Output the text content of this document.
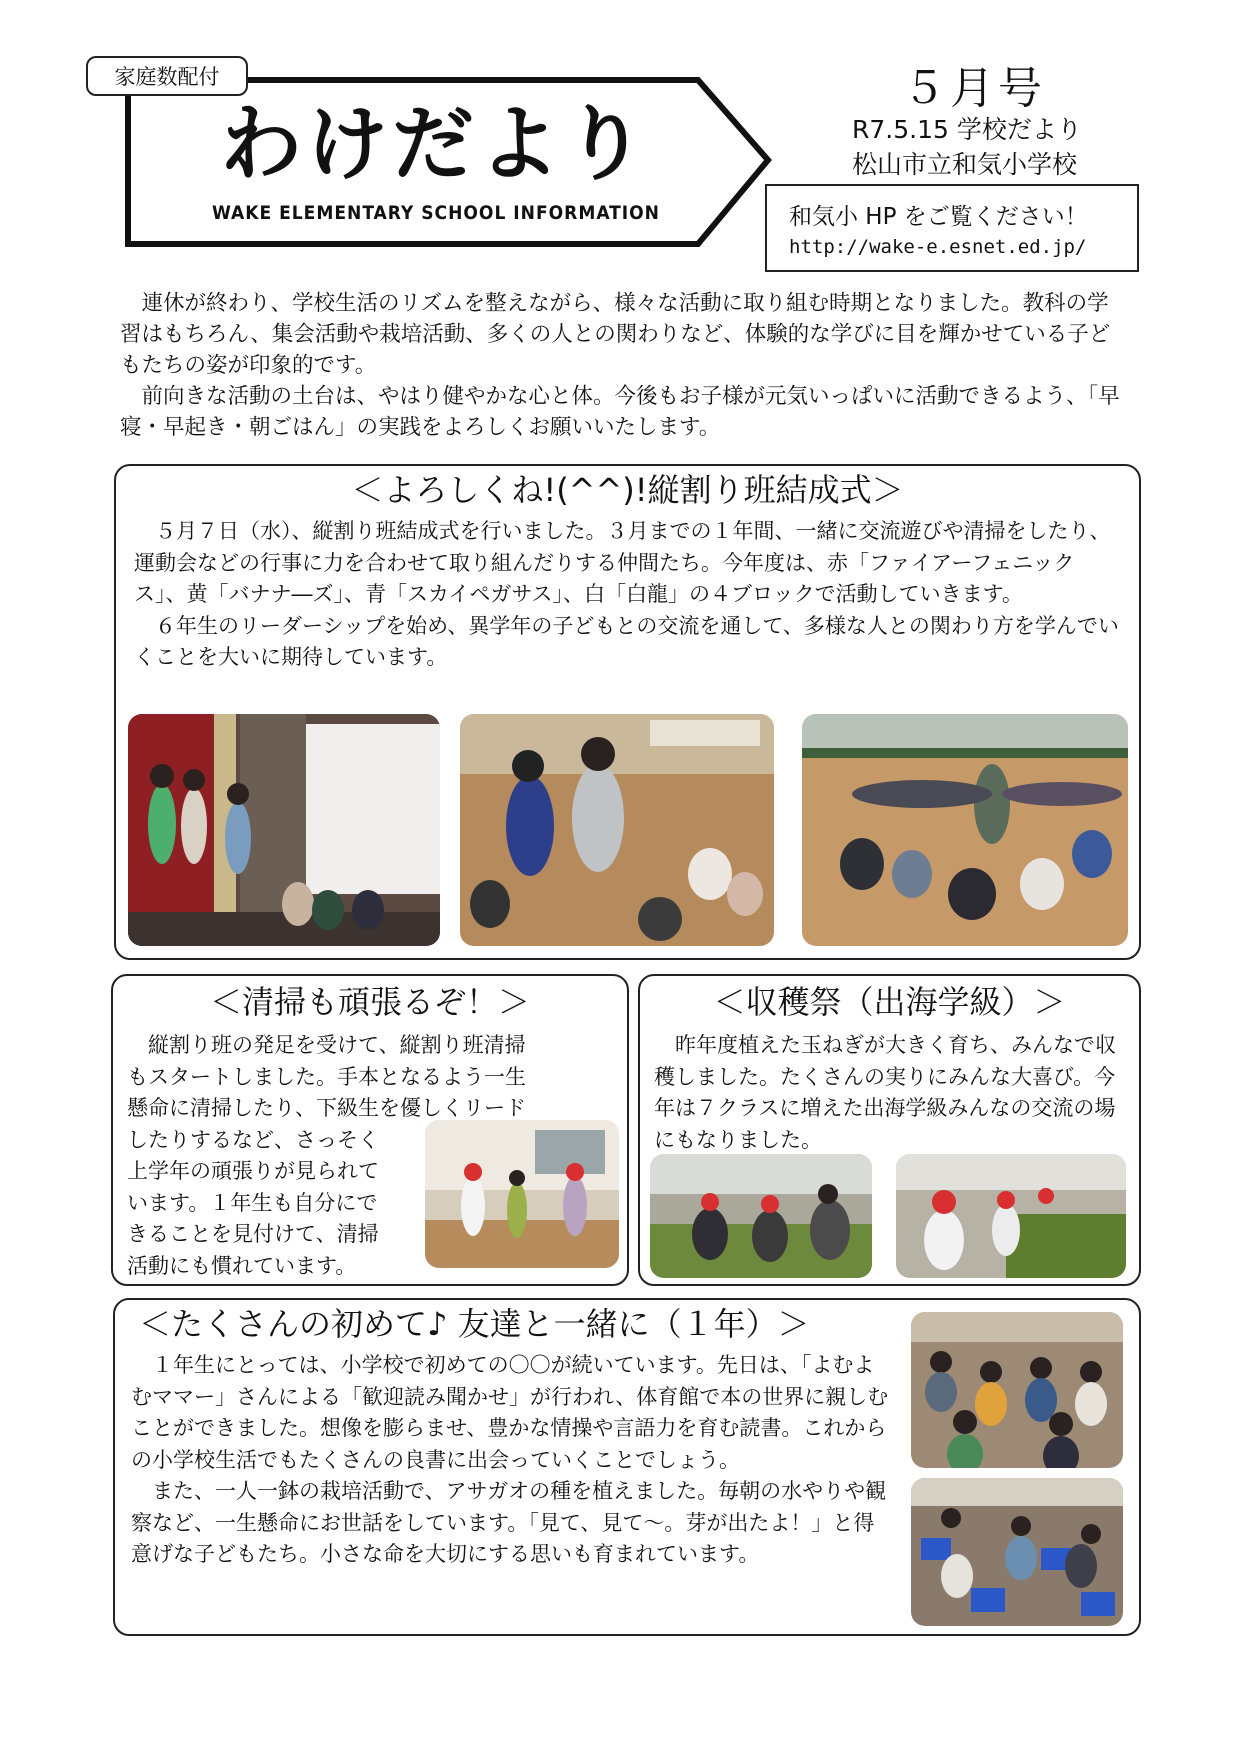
家庭数配付
わけだより
WAKE ELEMENTARY SCHOOL INFORMATION
５月号
R7.5.15 学校だより
松山市立和気小学校
和気小 HP をご覧ください！
http://wake-e.esnet.ed.jp/

連休が終わり、学校生活のリズムを整えながら、様々な活動に取り組む時期となりました。教科の学習はもちろん、集会活動や栽培活動、多くの人との関わりなど、体験的な学びに目を輝かせている子どもたちの姿が印象的です。

前向きな活動の土台は、やはり健やかな心と体。今後もお子様が元気いっぱいに活動できるよう、「早寝・早起き・朝ごはん」の実践をよろしくお願いいたします。

＜よろしくね!(^^)!縦割り班結成式＞

５月７日（水）、縦割り班結成式を行いました。３月までの１年間、一緒に交流遊びや清掃をしたり、運動会などの行事に力を合わせて取り組んだりする仲間たち。今年度は、赤「ファイアーフェニックス」、黄「バナナ―ズ」、青「スカイペガサス」、白「白龍」の４ブロックで活動していきます。

６年生のリーダーシップを始め、異学年の子どもとの交流を通して、多様な人との関わり方を学んでいくことを大いに期待しています。

＜清掃も頑張るぞ！＞
縦割り班の発足を受けて、縦割り班清掃
もスタートしました。手本となるよう一生
懸命に清掃したり、下級生を優しくリード
したりするなど、さっそく
上学年の頑張りが見られて
います。１年生も自分にで
きることを見付けて、清掃
活動にも慣れています。
＜収穫祭（出海学級）＞

昨年度植えた玉ねぎが大きく育ち、みんなで収穫しました。たくさんの実りにみんな大喜び。今年は７クラスに増えた出海学級みんなの交流の場にもなりました。

＜たくさんの初めて♪ 友達と一緒に（１年）＞

１年生にとっては、小学校で初めての〇〇が続いています。先日は、「よむよむママー」さんによる「歓迎読み聞かせ」が行われ、体育館で本の世界に親しむことができました。想像を膨らませ、豊かな情操や言語力を育む読書。これからの小学校生活でもたくさんの良書に出会っていくことでしょう。

また、一人一鉢の栽培活動で、アサガオの種を植えました。毎朝の水やりや観察など、一生懸命にお世話をしています。「見て、見て～。芽が出たよ！」と得意げな子どもたち。小さな命を大切にする思いも育まれています。
